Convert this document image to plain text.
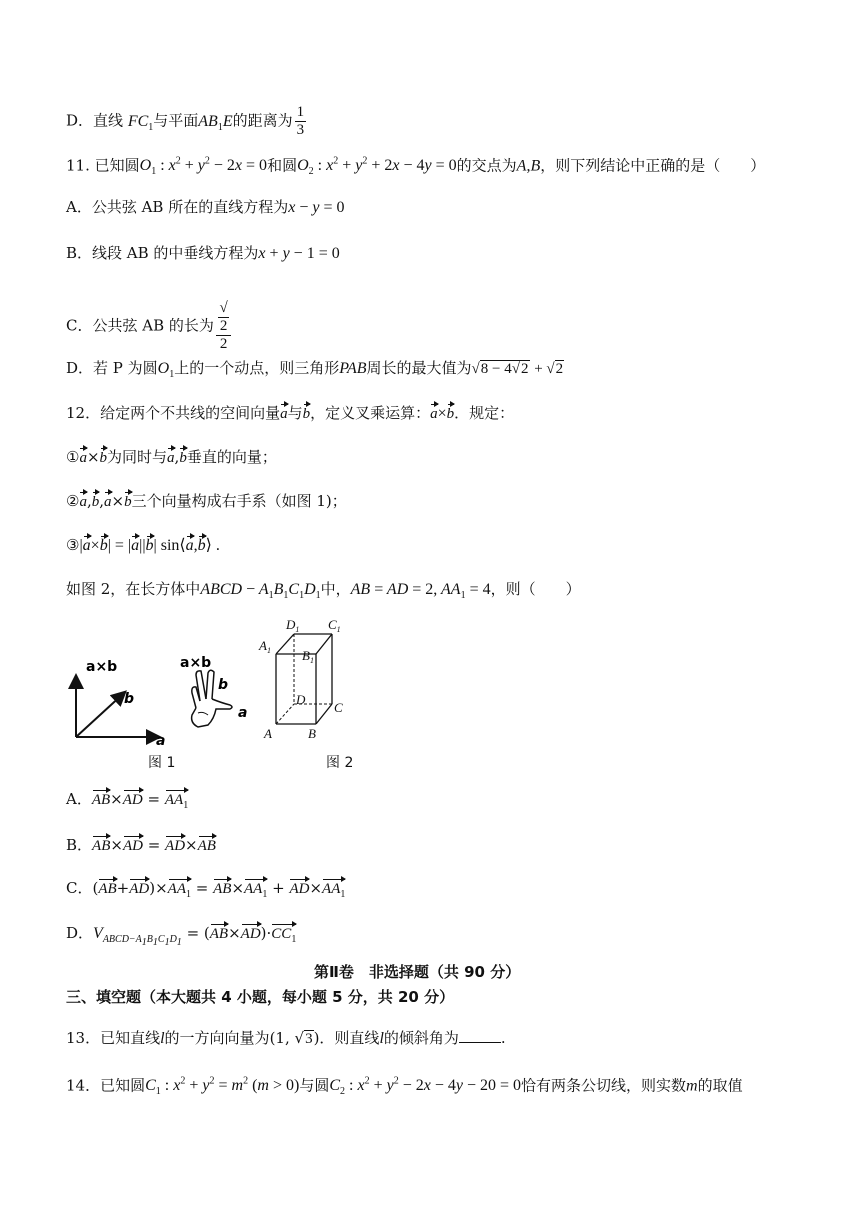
D．直线 $FC_1$与平面$AB_1E$的距离为 $\frac{1}{3}$
11. 已知圆$O_1$ : $x^2 + y^2 - 2x = 0$和圆$O_2$ : $x^2 + y^2 + 2x - 4y = 0$的交点为A,B，则下列结论中正确的是（　　）
A．公共弦 AB 所在的直线方程为x − y = 0
B．线段 AB 的中垂线方程为x + y − 1 = 0
C．公共弦 AB 的长为 √
2
2
D．若 P 为圆$O_1$上的一个动点，则三角形PAB周长的最大值为√8 − 4√2 + √2
12．给定两个不共线的空间向量a与b，定义叉乘运算：a×b．规定：
①a×b为同时与a,b垂直的向量；
②a,b,a×b三个向量构成右手系（如图 1)；
③|a×b| = |a||b| sin⟨a,b⟩ .
如图 2，在长方体中ABCD − $A_1B_1C_1D_1$中，AB = AD = 2, $AA_1 = 4$，则（　　）
a×b
b
a
a×b
b
a
$D_1$ $C_1$
$A_1$ $B_1$
D
C
A	B
图 1	图 2
A．$AB\times AD = AA_1$
B．AB×AD = AD×AB
C．$(AB+AD)\times AA_1 = AB\times AA_1 + AD\times AA_1$
D．$V_{ABCD-A_1B_1C_1D_1} = (AB\times AD)\cdot CC_1$
第Ⅱ卷　非选择题（共 90 分）
三、填空题（本大题共 4 小题，每小题 5 分，共 20 分）
13．已知直线l的一方向向量为(1, √3)．则直线l的倾斜角为	.
14．已知圆$C_1$ : $x^2 + y^2 = m^2$ (m > 0)与圆$C_2$ : $x^2 + y^2 - 2x - 4y - 20 = 0$恰有两条公切线，则实数m的取值
